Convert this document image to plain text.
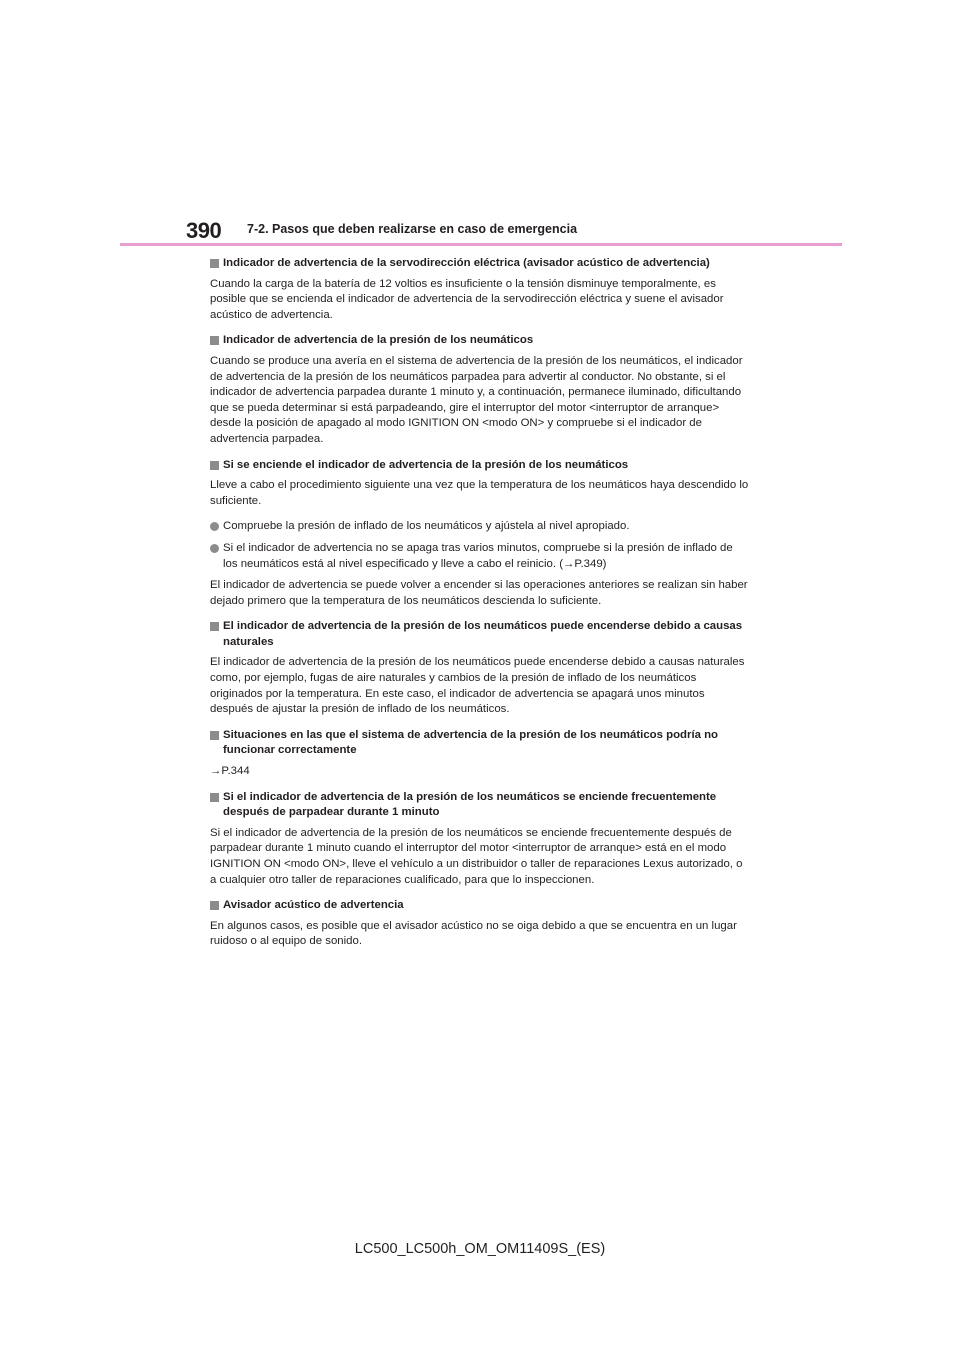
390 7-2. Pasos que deben realizarse en caso de emergencia
Indicador de advertencia de la servodirección eléctrica (avisador acústico de advertencia)

Cuando la carga de la batería de 12 voltios es insuficiente o la tensión disminuye temporalmente, es posible que se encienda el indicador de advertencia de la servodirección eléctrica y suene el avisador acústico de advertencia.

Indicador de advertencia de la presión de los neumáticos

Cuando se produce una avería en el sistema de advertencia de la presión de los neumáticos, el indicador de advertencia de la presión de los neumáticos parpadea para advertir al conductor. No obstante, si el indicador de advertencia parpadea durante 1 minuto y, a continuación, permanece iluminado, dificultando que se pueda determinar si está parpadeando, gire el interruptor del motor <interruptor de arranque> desde la posición de apagado al modo IGNITION ON <modo ON> y compruebe si el indicador de advertencia parpadea.

Si se enciende el indicador de advertencia de la presión de los neumáticos

Lleve a cabo el procedimiento siguiente una vez que la temperatura de los neumáticos haya descendido lo suficiente.

Compruebe la presión de inflado de los neumáticos y ajústela al nivel apropiado.
Si el indicador de advertencia no se apaga tras varios minutos, compruebe si la presión de inflado de los neumáticos está al nivel especificado y lleve a cabo el reinicio. (→P.349)

El indicador de advertencia se puede volver a encender si las operaciones anteriores se realizan sin haber dejado primero que la temperatura de los neumáticos descienda lo suficiente.

El indicador de advertencia de la presión de los neumáticos puede encenderse debido a causas naturales

El indicador de advertencia de la presión de los neumáticos puede encenderse debido a causas naturales como, por ejemplo, fugas de aire naturales y cambios de la presión de inflado de los neumáticos originados por la temperatura. En este caso, el indicador de advertencia se apagará unos minutos después de ajustar la presión de inflado de los neumáticos.

Situaciones en las que el sistema de advertencia de la presión de los neumáticos podría no funcionar correctamente

→P.344

Si el indicador de advertencia de la presión de los neumáticos se enciende frecuentemente después de parpadear durante 1 minuto

Si el indicador de advertencia de la presión de los neumáticos se enciende frecuentemente después de parpadear durante 1 minuto cuando el interruptor del motor <interruptor de arranque> está en el modo IGNITION ON <modo ON>, lleve el vehículo a un distribuidor o taller de reparaciones Lexus autorizado, o a cualquier otro taller de reparaciones cualificado, para que lo inspeccionen.

Avisador acústico de advertencia

En algunos casos, es posible que el avisador acústico no se oiga debido a que se encuentra en un lugar ruidoso o al equipo de sonido.

LC500_LC500h_OM_OM11409S_(ES)
